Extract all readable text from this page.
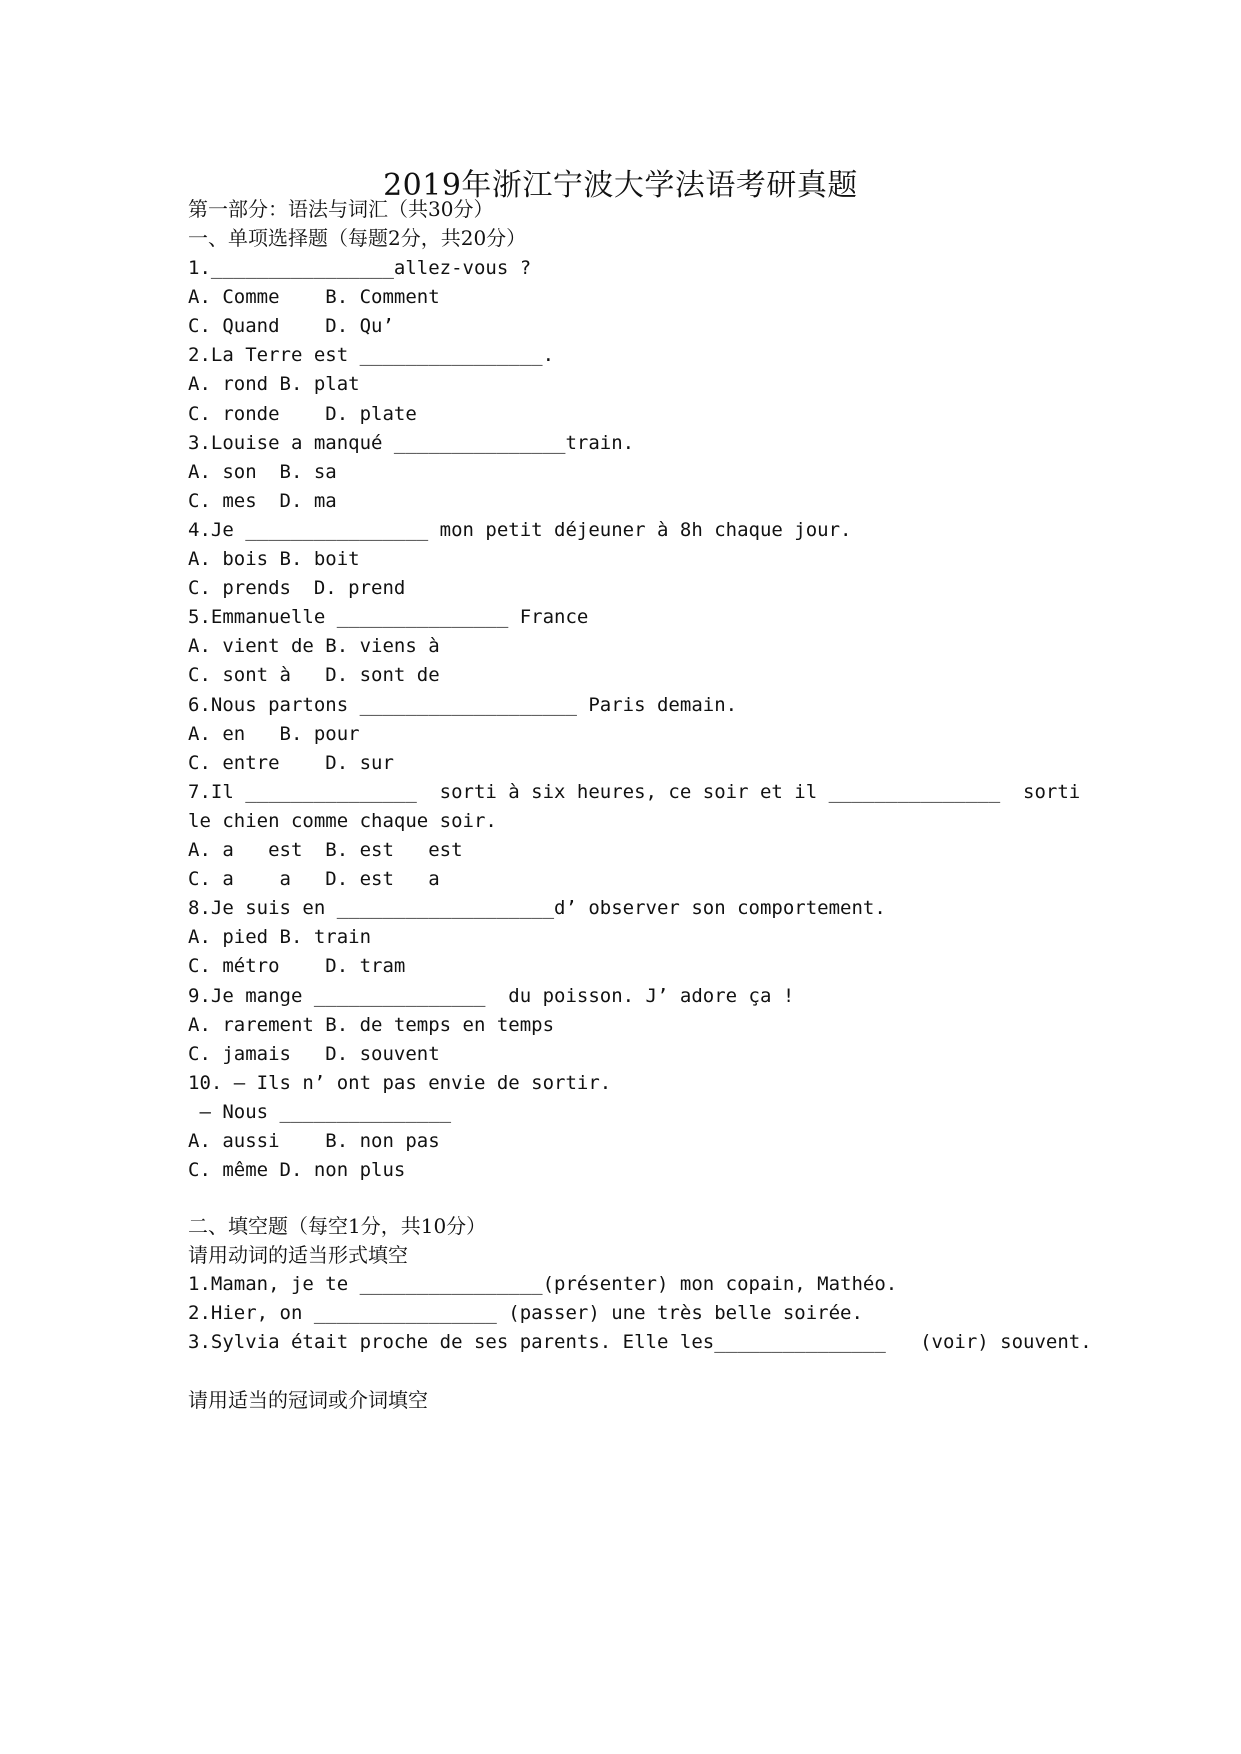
2019年浙江宁波大学法语考研真题
第一部分：语法与词汇（共30分）
一、单项选择题（每题2分，共20分）
1.________________allez-vous ?
A. Comme    B. Comment
C. Quand    D. Qu’
2.La Terre est ________________.
A. rond B. plat
C. ronde    D. plate
3.Louise a manqué _______________train.
A. son  B. sa
C. mes  D. ma
4.Je ________________ mon petit déjeuner à 8h chaque jour.
A. bois B. boit
C. prends  D. prend
5.Emmanuelle _______________ France
A. vient de B. viens à
C. sont à   D. sont de
6.Nous partons ___________________ Paris demain.
A. en   B. pour
C. entre    D. sur
7.Il _______________  sorti à six heures, ce soir et il _______________  sorti
le chien comme chaque soir.
A. a   est  B. est   est
C. a    a   D. est   a
8.Je suis en ___________________d’ observer son comportement.
A. pied B. train
C. métro    D. tram
9.Je mange _______________  du poisson. J’ adore ça !
A. rarement B. de temps en temps
C. jamais   D. souvent
10. – Ils n’ ont pas envie de sortir.
– Nous _______________
A. aussi    B. non pas
C. même D. non plus
二、填空题（每空1分，共10分）
请用动词的适当形式填空
1.Maman, je te ________________(présenter) mon copain, Mathéo.
2.Hier, on ________________ (passer) une très belle soirée.
3.Sylvia était proche de ses parents. Elle les_______________   (voir) souvent.
请用适当的冠词或介词填空
